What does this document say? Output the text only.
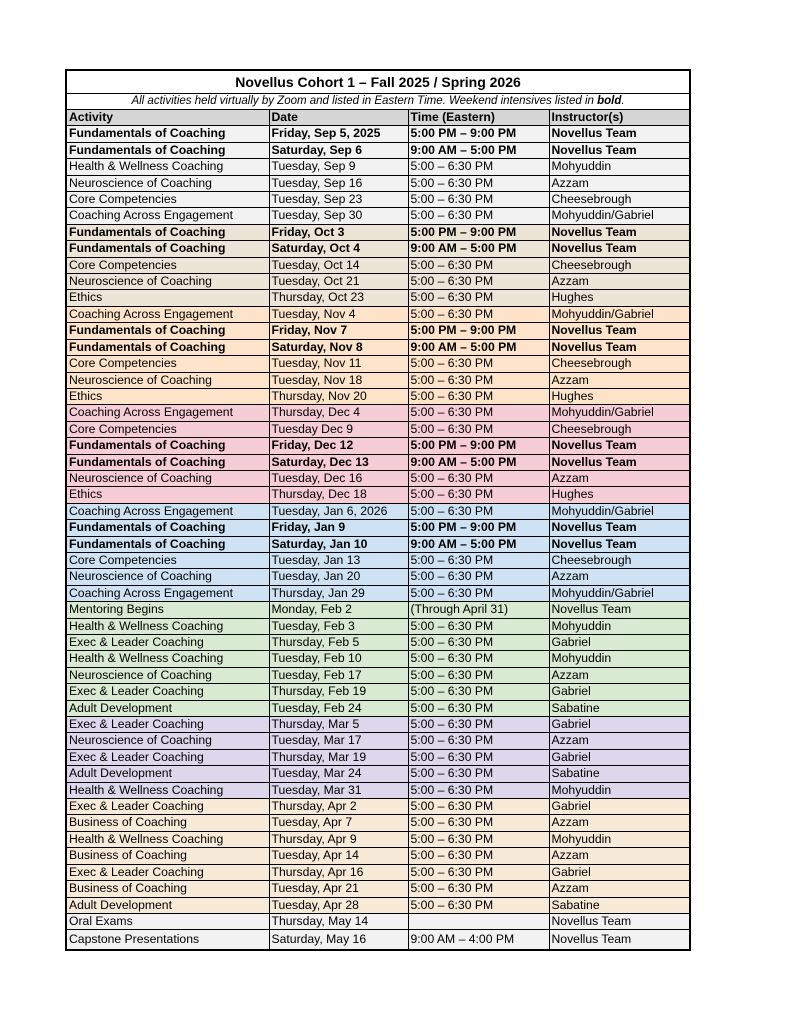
Novellus Cohort 1 – Fall 2025 / Spring 2026			
All activities held virtually by Zoom and listed in Eastern Time. Weekend intensives listed in bold.			
Activity	Date	Time (Eastern)	Instructor(s)
Fundamentals of Coaching	Friday, Sep 5, 2025	5:00 PM – 9:00 PM	Novellus Team
Fundamentals of Coaching	Saturday, Sep 6	9:00 AM – 5:00 PM	Novellus Team
Health & Wellness Coaching	Tuesday, Sep 9	5:00 – 6:30 PM	Mohyuddin
Neuroscience of Coaching	Tuesday, Sep 16	5:00 – 6:30 PM	Azzam
Core Competencies	Tuesday, Sep 23	5:00 – 6:30 PM	Cheesebrough
Coaching Across Engagement	Tuesday, Sep 30	5:00 – 6:30 PM	Mohyuddin/Gabriel
Fundamentals of Coaching	Friday, Oct 3	5:00 PM – 9:00 PM	Novellus Team
Fundamentals of Coaching	Saturday, Oct 4	9:00 AM – 5:00 PM	Novellus Team
Core Competencies	Tuesday, Oct 14	5:00 – 6:30 PM	Cheesebrough
Neuroscience of Coaching	Tuesday, Oct 21	5:00 – 6:30 PM	Azzam
Ethics	Thursday, Oct 23	5:00 – 6:30 PM	Hughes
Coaching Across Engagement	Tuesday, Nov 4	5:00 – 6:30 PM	Mohyuddin/Gabriel
Fundamentals of Coaching	Friday, Nov 7	5:00 PM – 9:00 PM	Novellus Team
Fundamentals of Coaching	Saturday, Nov 8	9:00 AM – 5:00 PM	Novellus Team
Core Competencies	Tuesday, Nov 11	5:00 – 6:30 PM	Cheesebrough
Neuroscience of Coaching	Tuesday, Nov 18	5:00 – 6:30 PM	Azzam
Ethics	Thursday, Nov 20	5:00 – 6:30 PM	Hughes
Coaching Across Engagement	Thursday, Dec 4	5:00 – 6:30 PM	Mohyuddin/Gabriel
Core Competencies	Tuesday Dec 9	5:00 – 6:30 PM	Cheesebrough
Fundamentals of Coaching	Friday, Dec 12	5:00 PM – 9:00 PM	Novellus Team
Fundamentals of Coaching	Saturday, Dec 13	9:00 AM – 5:00 PM	Novellus Team
Neuroscience of Coaching	Tuesday, Dec 16	5:00 – 6:30 PM	Azzam
Ethics	Thursday, Dec 18	5:00 – 6:30 PM	Hughes
Coaching Across Engagement	Tuesday, Jan 6, 2026	5:00 – 6:30 PM	Mohyuddin/Gabriel
Fundamentals of Coaching	Friday, Jan 9	5:00 PM – 9:00 PM	Novellus Team
Fundamentals of Coaching	Saturday, Jan 10	9:00 AM – 5:00 PM	Novellus Team
Core Competencies	Tuesday, Jan 13	5:00 – 6:30 PM	Cheesebrough
Neuroscience of Coaching	Tuesday, Jan 20	5:00 – 6:30 PM	Azzam
Coaching Across Engagement	Thursday, Jan 29	5:00 – 6:30 PM	Mohyuddin/Gabriel
Mentoring Begins	Monday, Feb 2	(Through April 31)	Novellus Team
Health & Wellness Coaching	Tuesday, Feb 3	5:00 – 6:30 PM	Mohyuddin
Exec & Leader Coaching	Thursday, Feb 5	5:00 – 6:30 PM	Gabriel
Health & Wellness Coaching	Tuesday, Feb 10	5:00 – 6:30 PM	Mohyuddin
Neuroscience of Coaching	Tuesday, Feb 17	5:00 – 6:30 PM	Azzam
Exec & Leader Coaching	Thursday, Feb 19	5:00 – 6:30 PM	Gabriel
Adult Development	Tuesday, Feb 24	5:00 – 6:30 PM	Sabatine
Exec & Leader Coaching	Thursday, Mar 5	5:00 – 6:30 PM	Gabriel
Neuroscience of Coaching	Tuesday, Mar 17	5:00 – 6:30 PM	Azzam
Exec & Leader Coaching	Thursday, Mar 19	5:00 – 6:30 PM	Gabriel
Adult Development	Tuesday, Mar 24	5:00 – 6:30 PM	Sabatine
Health & Wellness Coaching	Tuesday, Mar 31	5:00 – 6:30 PM	Mohyuddin
Exec & Leader Coaching	Thursday, Apr 2	5:00 – 6:30 PM	Gabriel
Business of Coaching	Tuesday, Apr 7	5:00 – 6:30 PM	Azzam
Health & Wellness Coaching	Thursday, Apr 9	5:00 – 6:30 PM	Mohyuddin
Business of Coaching	Tuesday, Apr 14	5:00 – 6:30 PM	Azzam
Exec & Leader Coaching	Thursday, Apr 16	5:00 – 6:30 PM	Gabriel
Business of Coaching	Tuesday, Apr 21	5:00 – 6:30 PM	Azzam
Adult Development	Tuesday, Apr 28	5:00 – 6:30 PM	Sabatine
Oral Exams	Thursday, May 14		Novellus Team
Capstone Presentations	Saturday, May 16	9:00 AM – 4:00 PM	Novellus Team
